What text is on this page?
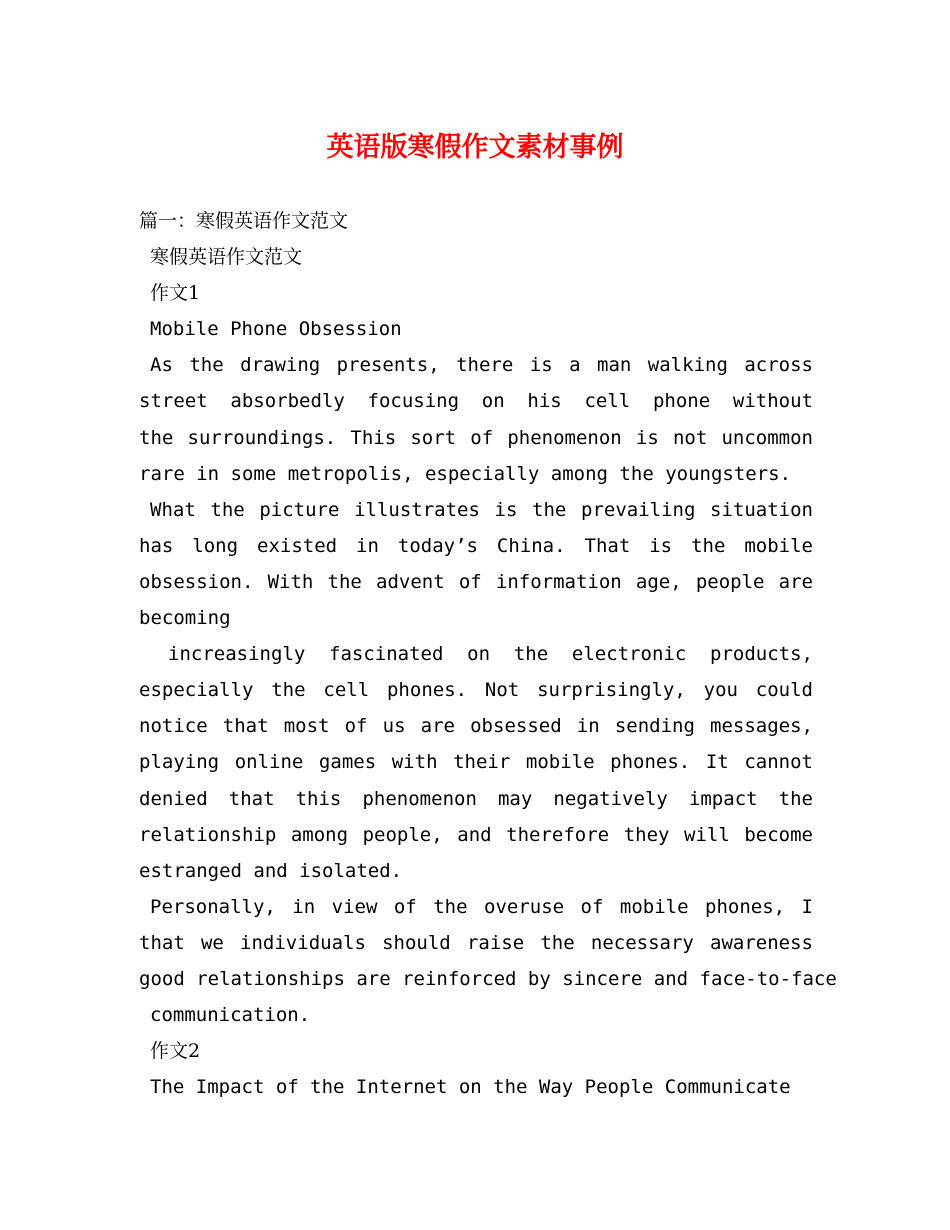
英语版寒假作文素材事例

篇一：寒假英语作文范文

寒假英语作文范文

作文1

Mobile Phone Obsession

As the drawing presents, there is a man walking across

street absorbedly focusing on his cell phone without

the surroundings. This sort of phenomenon is not uncommon

rare in some metropolis, especially among the youngsters.

What the picture illustrates is the prevailing situation

has long existed in today’s China. That is the mobile

obsession. With the advent of information age, people are

becoming

increasingly fascinated on the electronic products,

especially the cell phones. Not surprisingly, you could

notice that most of us are obsessed in sending messages,

playing online games with their mobile phones. It cannot

denied that this phenomenon may negatively impact the

relationship among people, and therefore they will become

estranged and isolated.

Personally, in view of the overuse of mobile phones, I

that we individuals should raise the necessary awareness

good relationships are reinforced by sincere and face-to-face

communication.

作文2

The Impact of the Internet on the Way People Communicate
